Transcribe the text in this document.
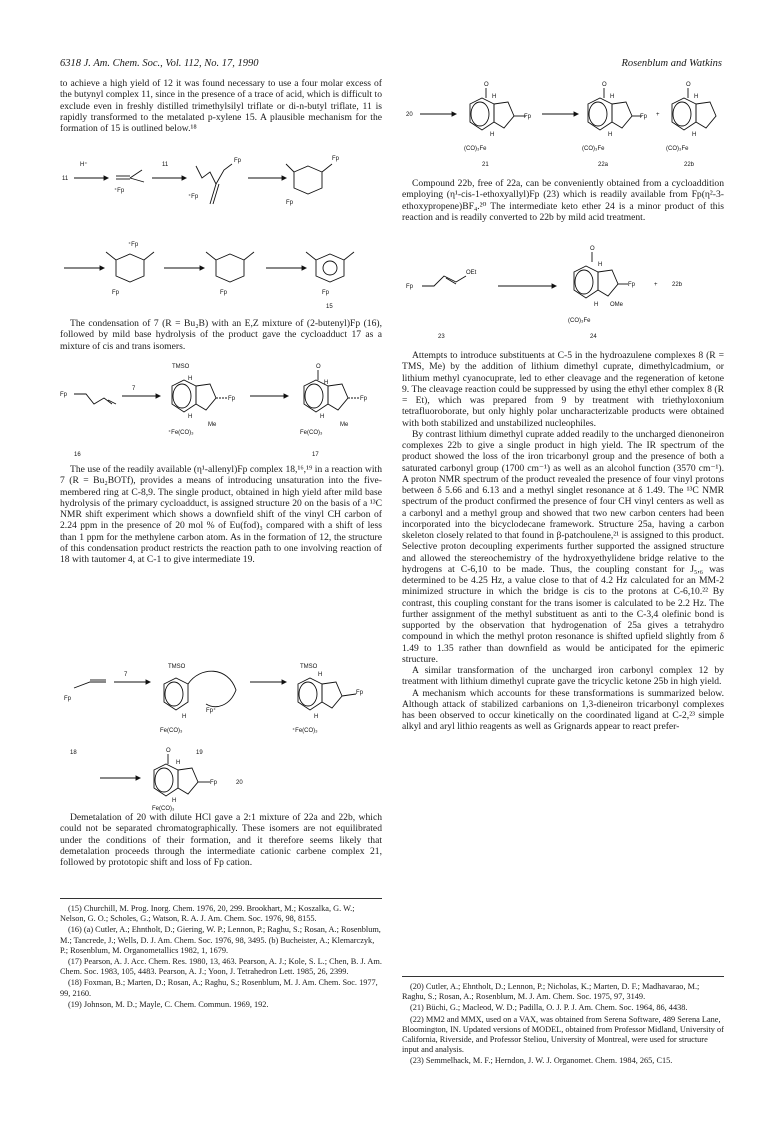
6318 J. Am. Chem. Soc., Vol. 112, No. 17, 1990	Rosenblum and Watkins

to achieve a high yield of 12 it was found necessary to use a four molar excess of the butynyl complex 11, since in the presence of a trace of acid, which is difficult to exclude even in freshly distilled trimethylsilyl triflate or di-n-butyl triflate, 11 is rapidly transformed to the metalated p-xylene 15. A plausible mechanism for the formation of 15 is outlined below.¹⁸

11
H⁺
⁺Fp
11
Fp
⁺Fp
Fp
Fp
⁺Fp
Fp	Fp	Fp
15

The condensation of 7 (R = Bu₂B) with an E,Z mixture of (2-butenyl)Fp (16), followed by mild base hydrolysis of the product gave the cycloadduct 17 as a mixture of cis and trans isomers.

Fp
16
7
TMSO
H
Fp
H
Me
⁺Fe(CO)₃
O
H
Fp
H
Me
Fe(CO)₃
17

The use of the readily available (η¹-allenyl)Fp complex 18,¹⁶,¹⁹ in a reaction with 7 (R = Bu₂BOTf), provides a means of introducing unsaturation into the five-membered ring at C-8,9. The single product, obtained in high yield after mild base hydrolysis of the primary cycloadduct, is assigned structure 20 on the basis of a ¹³C NMR shift experiment which shows a downfield shift of the vinyl CH carbon of 2.24 ppm in the presence of 20 mol % of Eu(fod)₃ compared with a shift of less than 1 ppm for the methylene carbon atom. As in the formation of 12, the structure of this condensation product restricts the reaction path to one involving reaction of 18 with tautomer 4, at C-1 to give intermediate 19.

Fp
18
7
TMSO
H
Fp⁺
Fe(CO)₃
19
TMSO
H
Fp
H
⁺Fe(CO)₃
O
H
Fp	20
H
Fe(CO)₃

Demetalation of 20 with dilute HCl gave a 2:1 mixture of 22a and 22b, which could not be separated chromatographically. These isomers are not equilibrated under the conditions of their formation, and it therefore seems likely that demetalation proceeds through the intermediate cationic carbene complex 21, followed by prototopic shift and loss of Fp cation.

(15) Churchill, M. Prog. Inorg. Chem. 1976, 20, 299. Brookhart, M.; Koszalka, G. W.; Nelson, G. O.; Scholes, G.; Watson, R. A. J. Am. Chem. Soc. 1976, 98, 8155.

(16) (a) Cutler, A.; Ehntholt, D.; Giering, W. P.; Lennon, P.; Raghu, S.; Rosan, A.; Rosenblum, M.; Tancrede, J.; Wells, D. J. Am. Chem. Soc. 1976, 98, 3495. (b) Bucheister, A.; Klemarczyk, P.; Rosenblum, M. Organometallics 1982, 1, 1679.

(17) Pearson, A. J. Acc. Chem. Res. 1980, 13, 463. Pearson, A. J.; Kole, S. L.; Chen, B. J. Am. Chem. Soc. 1983, 105, 4483. Pearson, A. J.; Yoon, J. Tetrahedron Lett. 1985, 26, 2399.

(18) Foxman, B.; Marten, D.; Rosan, A.; Raghu, S.; Rosenblum, M. J. Am. Chem. Soc. 1977, 99, 2160.

(19) Johnson, M. D.; Mayle, C. Chem. Commun. 1969, 192.

20
O
H
Fp
H
(CO)₃Fe
21
O
H
Fp
H
(CO)₃Fe
22a
+
O
H
H
(CO)₃Fe
22b

Compound 22b, free of 22a, can be conveniently obtained from a cycloaddition employing (η¹-cis-1-ethoxyallyl)Fp (23) which is readily available from Fp(η²-3-ethoxypropene)BF₄.²⁰ The intermediate keto ether 24 is a minor product of this reaction and is readily converted to 22b by mild acid treatment.

Fp
OEt
23
O
H
Fp
H OMe
(CO)₃Fe
24
+ 22b

Attempts to introduce substituents at C-5 in the hydroazulene complexes 8 (R = TMS, Me) by the addition of lithium dimethyl cuprate, dimethylcadmium, or lithium methyl cyanocuprate, led to ether cleavage and the regeneration of ketone 9. The cleavage reaction could be suppressed by using the ethyl ether complex 8 (R = Et), which was prepared from 9 by treatment with triethyloxonium tetrafluoroborate, but only highly polar uncharacterizable products were obtained with both stabilized and unstabilized nucleophiles.

By contrast lithium dimethyl cuprate added readily to the uncharged dienoneiron complexes 22b to give a single product in high yield. The IR spectrum of the product showed the loss of the iron tricarbonyl group and the presence of both a saturated carbonyl group (1700 cm⁻¹) as well as an alcohol function (3570 cm⁻¹). A proton NMR spectrum of the product revealed the presence of four vinyl protons between δ 5.66 and 6.13 and a methyl singlet resonance at δ 1.49. The ¹³C NMR spectrum of the product confirmed the presence of four CH vinyl centers as well as a carbonyl and a methyl group and showed that two new carbon centers had been incorporated into the bicyclodecane framework. Structure 25a, having a carbon skeleton closely related to that found in β-patchoulene,²¹ is assigned to this product. Selective proton decoupling experiments further supported the assigned structure and allowed the stereochemistry of the hydroxyethylidene bridge relative to the hydrogens at C-6,10 to be made. Thus, the coupling constant for J₅,₆ was determined to be 4.25 Hz, a value close to that of 4.2 Hz calculated for an MM-2 minimized structure in which the bridge is cis to the protons at C-6,10.²² By contrast, this coupling constant for the trans isomer is calculated to be 2.2 Hz. The further assignment of the methyl substituent as anti to the C-3,4 olefinic bond is supported by the observation that hydrogenation of 25a gives a tetrahydro compound in which the methyl proton resonance is shifted upfield slightly from δ 1.49 to 1.35 rather than downfield as would be anticipated for the epimeric structure.

A similar transformation of the uncharged iron carbonyl complex 12 by treatment with lithium dimethyl cuprate gave the tricyclic ketone 25b in high yield.

A mechanism which accounts for these transformations is summarized below. Although attack of stabilized carbanions on 1,3-dieneiron tricarbonyl complexes has been observed to occur kinetically on the coordinated ligand at C-2,²³ simple alkyl and aryl lithio reagents as well as Grignards appear to react prefer-

(20) Cutler, A.; Ehntholt, D.; Lennon, P.; Nicholas, K.; Marten, D. F.; Madhavarao, M.; Raghu, S.; Rosan, A.; Rosenblum, M. J. Am. Chem. Soc. 1975, 97, 3149.

(21) Büchi, G.; Macleod, W. D.; Padilla, O. J. P. J. Am. Chem. Soc. 1964, 86, 4438.

(22) MM2 and MMX, used on a VAX, was obtained from Serena Software, 489 Serena Lane, Bloomington, IN. Updated versions of MODEL, obtained from Professor Midland, University of California, Riverside, and Professor Steliou, University of Montreal, were used for structure input and analysis.

(23) Semmelhack, M. F.; Herndon, J. W. J. Organomet. Chem. 1984, 265, C15.
